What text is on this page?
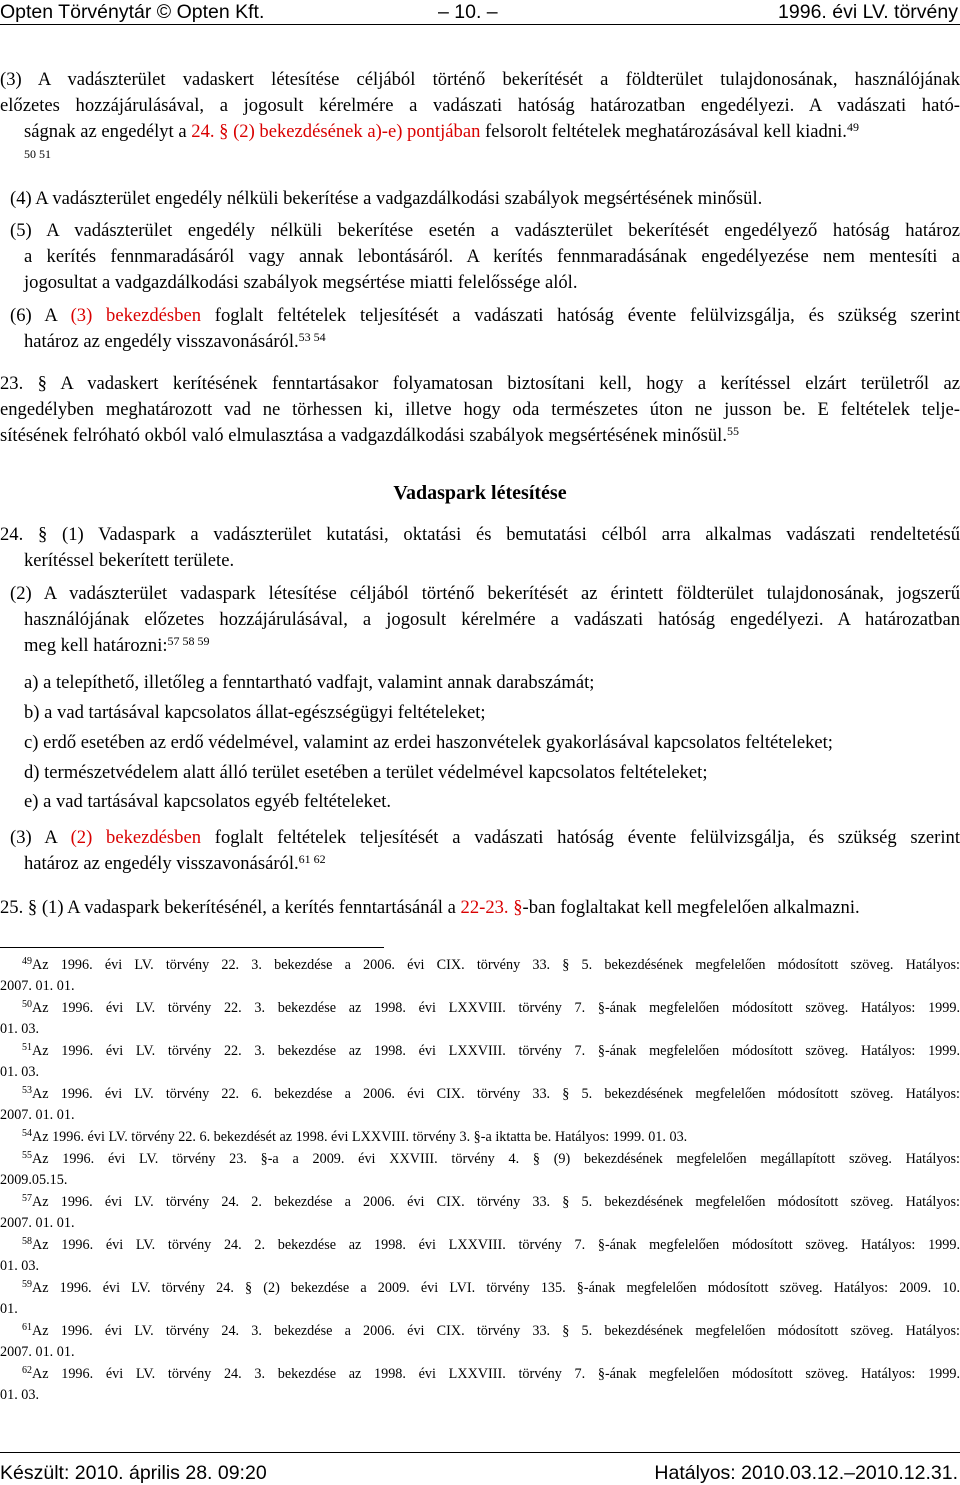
Opten Törvénytár © Opten Kft.	– 10. –	1996. évi LV. törvény
(3) A vadászterület vadaskert létesítése céljából történő bekerítését a földterület tulajdonosának, használójának
előzetes hozzájárulásával, a jogosult kérelmére a vadászati hatóság határozatban engedélyezi. A vadászati ható-
ságnak az engedélyt a 24. § (2) bekezdésének a)-e) pontjában felsorolt feltételek meghatározásával kell kiadni.$^{49}$
50 51
(4) A vadászterület engedély nélküli bekerítése a vadgazdálkodási szabályok megsértésének minősül.
(5) A vadászterület engedély nélküli bekerítése esetén a vadászterület bekerítését engedélyező hatóság határoz
a kerítés fennmaradásáról vagy annak lebontásáról. A kerítés fennmaradásának engedélyezése nem mentesíti a
jogosultat a vadgazdálkodási szabályok megsértése miatti felelőssége alól.
(6) A (3) bekezdésben foglalt feltételek teljesítését a vadászati hatóság évente felülvizsgálja, és szükség szerint
határoz az engedély visszavonásáról.$^{53 54}$
23. § A vadaskert kerítésének fenntartásakor folyamatosan biztosítani kell, hogy a kerítéssel elzárt területről az
engedélyben meghatározott vad ne törhessen ki, illetve hogy oda természetes úton ne jusson be. E feltételek telje-
sítésének felróható okból való elmulasztása a vadgazdálkodási szabályok megsértésének minősül.$^{55}$
Vadaspark létesítése
24. § (1) Vadaspark a vadászterület kutatási, oktatási és bemutatási célból arra alkalmas vadászati rendeltetésű
kerítéssel bekerített területe.
(2) A vadászterület vadaspark létesítése céljából történő bekerítését az érintett földterület tulajdonosának, jogszerű
használójának előzetes hozzájárulásával, a jogosult kérelmére a vadászati hatóság engedélyezi. A határozatban
meg kell határozni:$^{57 58 59}$
a) a telepíthető, illetőleg a fenntartható vadfajt, valamint annak darabszámát;
b) a vad tartásával kapcsolatos állat-egészségügyi feltételeket;
c) erdő esetében az erdő védelmével, valamint az erdei haszonvételek gyakorlásával kapcsolatos feltételeket;
d) természetvédelem alatt álló terület esetében a terület védelmével kapcsolatos feltételeket;
e) a vad tartásával kapcsolatos egyéb feltételeket.
(3) A (2) bekezdésben foglalt feltételek teljesítését a vadászati hatóság évente felülvizsgálja, és szükség szerint
határoz az engedély visszavonásáról.$^{61 62}$
25. § (1) A vadaspark bekerítésénél, a kerítés fenntartásánál a 22-23. §-ban foglaltakat kell megfelelően alkalmazni.
$^{49}$Az 1996. évi LV. törvény 22. 3. bekezdése a 2006. évi CIX. törvény 33. § 5. bekezdésének megfelelően módosított szöveg. Hatályos:
2007. 01. 01.
$^{50}$Az 1996. évi LV. törvény 22. 3. bekezdése az 1998. évi LXXVIII. törvény 7. §-ának megfelelően módosított szöveg. Hatályos: 1999.
01. 03.
$^{51}$Az 1996. évi LV. törvény 22. 3. bekezdése az 1998. évi LXXVIII. törvény 7. §-ának megfelelően módosított szöveg. Hatályos: 1999.
01. 03.
$^{53}$Az 1996. évi LV. törvény 22. 6. bekezdése a 2006. évi CIX. törvény 33. § 5. bekezdésének megfelelően módosított szöveg. Hatályos:
2007. 01. 01.
$^{54}$Az 1996. évi LV. törvény 22. 6. bekezdését az 1998. évi LXXVIII. törvény 3. §-a iktatta be. Hatályos: 1999. 01. 03.
$^{55}$Az 1996. évi LV. törvény 23. §-a a 2009. évi XXVIII. törvény 4. § (9) bekezdésének megfelelően megállapított szöveg. Hatályos:
2009.05.15.
$^{57}$Az 1996. évi LV. törvény 24. 2. bekezdése a 2006. évi CIX. törvény 33. § 5. bekezdésének megfelelően módosított szöveg. Hatályos:
2007. 01. 01.
$^{58}$Az 1996. évi LV. törvény 24. 2. bekezdése az 1998. évi LXXVIII. törvény 7. §-ának megfelelően módosított szöveg. Hatályos: 1999.
01. 03.
$^{59}$Az 1996. évi LV. törvény 24. § (2) bekezdése a 2009. évi LVI. törvény 135. §-ának megfelelően módosított szöveg. Hatályos: 2009. 10.
01.
$^{61}$Az 1996. évi LV. törvény 24. 3. bekezdése a 2006. évi CIX. törvény 33. § 5. bekezdésének megfelelően módosított szöveg. Hatályos:
2007. 01. 01.
$^{62}$Az 1996. évi LV. törvény 24. 3. bekezdése az 1998. évi LXXVIII. törvény 7. §-ának megfelelően módosított szöveg. Hatályos: 1999.
01. 03.
Készült: 2010. április 28. 09:20	Hatályos: 2010.03.12.–2010.12.31.
